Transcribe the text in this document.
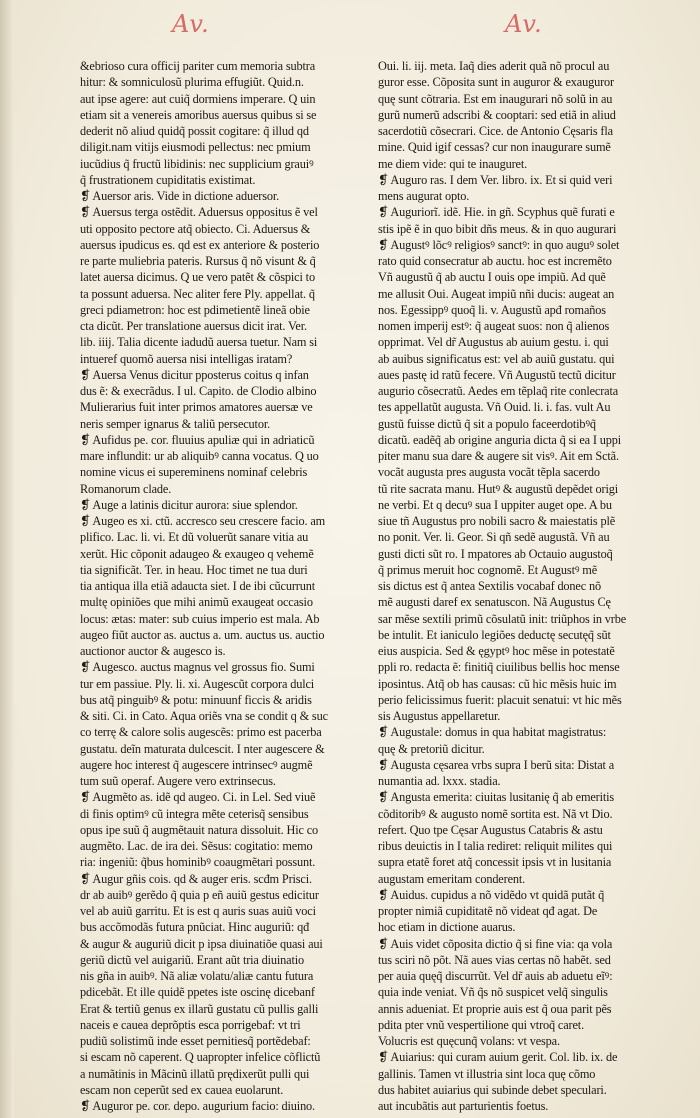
Av.	Av.
&ebrioso cura officij pariter cum memoria subtra
hitur: & somniculosũ plurima effugiũt. Quid.n.
aut ipse agere: aut cuiq̃ dormiens imperare. Q uin
etiam sit a venereis amoribus auersus quibus si se
dederit nõ aliud quidq̃ possit cogitare: q̃ illud qd
diligit.nam vitijs eiusmodi pellectus: nec pmium
iucũdius q̃ fructũ libidinis: nec supplicium grauiꝰ
q̃ frustrationem cupiditatis existimat.
❡ Auersor aris. Vide in dictione aduersor.
❡ Auersus terga ostẽdit. Aduersus oppositus ẽ vel
uti opposito pectore atq̃ obiecto. Ci. Aduersus &
auersus ipudicus es. qd est ex anteriore & posterio
re parte muliebria pateris. Rursus q̃ nõ visunt & q̃
latet auersa dicimus. Q ue vero patẽt & cõspici to
ta possunt aduersa. Nec aliter fere Ply. appellat. q̃
greci pdiametron: hoc est pdimetientẽ lineã obie
cta dicũt. Per translatione auersus dicit irat. Ver.
lib. iiij. Talia dicente iadudũ auersa tuetur. Nam si
intueref quomõ auersa nisi intelligas iratam?
❡ Auersa Venus dicitur pposterus coitus q infan
dus ẽ: & execrãdus. I ul. Capito. de Clodio albino
Mulierarius fuit inter primos amatores auersæ ve
neris semper ignarus & taliũ persecutor.
❡ Aufidus pe. cor. fluuius apuliæ qui in adriaticũ
mare influndit: ur ab aliquibꝰ canna vocatus. Q uo
nomine vicus ei supereminens nominaf celebris
Romanorum clade.
❡ Auge a latinis dicitur aurora: siue splendor.
❡ Augeo es xi. ctũ. accresco seu crescere facio. am
plifico. Lac. li. vi. Et dũ voluerũt sanare vitia au
xerũt. Hic cõponit adaugeo & exaugeo q vehemẽ
tia significãt. Ter. in heau. Hoc timet ne tua duri
tia antiqua illa etiã adaucta siet. I de ibi cũcurrunt
multę opiniões que mihi animũ exaugeat occasio
locus: ætas: mater: sub cuius imperio est mala. Ab
augeo fiũt auctor as. auctus a. um. auctus us. auctio
auctionor auctor & augesco is.
❡ Augesco. auctus magnus vel grossus fio. Sumi
tur em passiue. Ply. li. xi. Augescũt corpora dulci
bus atq̃ pinguibꝰ & potu: minuunf ficcis & aridis
& siti. Ci. in Cato. Aqua oriẽs vna se condit q & suc
co terrę & calore solis augescẽs: primo est pacerba
gustatu. deĩn maturata dulcescit. I nter augescere &
augere hoc interest q̃ augescere intrinsecꝰ augmẽ
tum suũ operaf. Augere vero extrinsecus.
❡ Augmẽto as. idẽ qd augeo. Ci. in Lel. Sed viuẽ
di finis optimꝰ cũ integra mẽte ceterisq̃ sensibus
opus ipe suũ q̃ augmẽtauit natura dissoluit. Hic co
augmẽto. Lac. de ira dei. Sẽsus: cogitatio: memo
ria: ingeniũ: q̃bus hominibꝰ coaugmẽtari possunt.
❡ Augur gñis cois. qd & auger eris. scđm Prisci.
dr ab auibꝰ gerẽdo q̃ quia p eñ auiũ gestus edicitur
vel ab auiũ garritu. Et is est q auris suas auiũ voci
bus accõmodãs futura pnũciat. Hinc auguriũ: qđ
& augur & auguriũ dicit p ipsa diuinatiõe quasi aui
geriũ dictũ vel auigariũ. Erant aũt tria diuinatio
nis gña in auibꝰ. Nã aliæ volatu/aliæ cantu futura
pdicebãt. Et ille quidẽ ppetes iste oscinę dicebanf
Erat & tertiũ genus ex illarũ gustatu cũ pullis galli
naceis e cauea deprõptis esca porrigebaf: vt tri
pudiũ solistimũ inde esset pernitiesq̃ portẽdebaf:
si escam nõ caperent. Q uapropter infelice cõflictũ
a numãtinis in Mãcinũ illatũ prędixerũt pulli qui
escam non ceperũt sed ex cauea euolarunt.
❡ Auguror pe. cor. depo. augurium facio: diuino.
Oui. li. iij. meta. Iaq̃ dies aderit quã nõ procul au
guror esse. Cõposita sunt in auguror & exauguror
quę sunt cõtraria. Est em inaugurari nõ solũ in au
gurũ numerũ adscribi & cooptari: sed etiã in aliud
sacerdotiũ cõsecrari. Cice. de Antonio Cęsaris fla
mine. Quid igif cessas? cur non inaugurare sumẽ
me diem vide: qui te inauguret.
❡ Auguro ras. I dem Ver. libro. ix. Et si quid veri
mens augurat opto.
❡ Auguriorĩ. idẽ. Hie. in gñ. Scyphus quẽ furati e
stis ipẽ ẽ in quo bibit dñs meus. & in quo augurari
❡ Augustꝰ lõcꝰ religiosꝰ sanctꝰ: in quo auguꝰ solet
rato quid consecratur ab auctu. hoc est incremẽto
Vñ augustũ q̃ ab auctu I ouis ope impiũ. Ad quẽ
me allusit Oui. Augeat impiũ nñi ducis: augeat an
nos. Egessippꝰ quoq̃ li. v. Augustũ apđ romaños
nomen imperij estꝰ: q̃ augeat suos: non q̃ alienos
opprimat. Vel dr̃ Augustus ab auium gestu. i. qui
ab auibus significatus est: vel ab auiũ gustatu. qui
aues pastę id ratũ fecere. Vñ Augustũ tectũ dicitur
augurio cõsecratũ. Aedes em tẽplaq̃ rite conlecrata
tes appellatũt augusta. Vñ Ouid. li. i. fas. vult Au
gustũ fuisse dictũ q̃ sit a populo faceerdotibꝰq̃
dicatũ. eadẽq̃ ab origine anguria dicta q̃ si ea I uppi
piter manu sua dare & augere sit visꝰ. Ait em Sctã.
vocãt augusta pres augusta vocãt tẽpla sacerdo
tũ rite sacrata manu. Hutꝰ & augustũ depẽdet origi
ne verbi. Et q decuꝰ sua I uppiter auget ope. A bu
siue tñ Augustus pro nobili sacro & maiestatis plẽ
no ponit. Ver. li. Geor. Si qñ sedẽ augustã. Vñ au
gusti dicti sũt ro. I mpatores ab Octauio augustoq̃
q̃ primus meruit hoc cognomẽ. Et Augustꝰ mẽ
sis dictus est q̃ antea Sextilis vocabaf donec nõ
mẽ augusti daref ex senatuscon. Nã Augustus Cę
sar mẽse sextili primũ cõsulatũ init: triũphos in vrbe
be intulit. Et ianiculo legiões deductę secutęq̃ sũt
eius auspicia. Sed & ęgyptꝰ hoc mẽse in potestatẽ
ppli ro. redacta ẽ: finitiq̃ ciuilibus bellis hoc mense
iposintus. Atq̃ ob has causas: cũ hic mẽsis huic im
perio felicissimus fuerit: placuit senatui: vt hic mẽs
sis Augustus appellaretur.
❡ Augustale: domus in qua habitat magistratus:
quę & pretoriũ dicitur.
❡ Augusta cęsarea vrbs supra I berũ sita: Distat a
numantia ad. lxxx. stadia.
❡ Angusta emerita: ciuitas lusitanię q̃ ab emeritis
cõditoribꝰ & augusto nomẽ sortita est. Nã vt Dio.
refert. Quo tpe Cęsar Augustus Catabris & astu
ribus deuictis in I talia rediret: reliquit milites qui
supra etatẽ foret atq̃ concessit ipsis vt in lusitania
augustam emeritam conderent.
❡ Auidus. cupidus a nõ vidẽdo vt quidã putãt q̃
propter nimiã cupiditatẽ nõ videat qđ agat. De
hoc etiam in dictione auarus.
❡ Auis videt cõposita dictio q̃ si fine via: qa vola
tus sciri nõ põt. Nã aues vias certas nõ habẽt. sed
per auia quęq̃ discurrũt. Vel dr̃ auis ab aduetu eĩꝰ:
quia inde veniat. Vñ q̃s nõ suspicet velq̃ singulis
annis adueniat. Et proprie auis est q̃ oua parit pẽs
pdita pter vnũ vespertilione qui vtroq̃ caret.
Volucris est quęcunq̃ volans: vt vespa.
❡ Auiarius: qui curam auium gerit. Col. lib. ix. de
gallinis. Tamen vt illustria sint loca quę cõmo
dus habitet auiarius qui subinde debet speculari.
aut incubãtis aut parturientis foetus.
